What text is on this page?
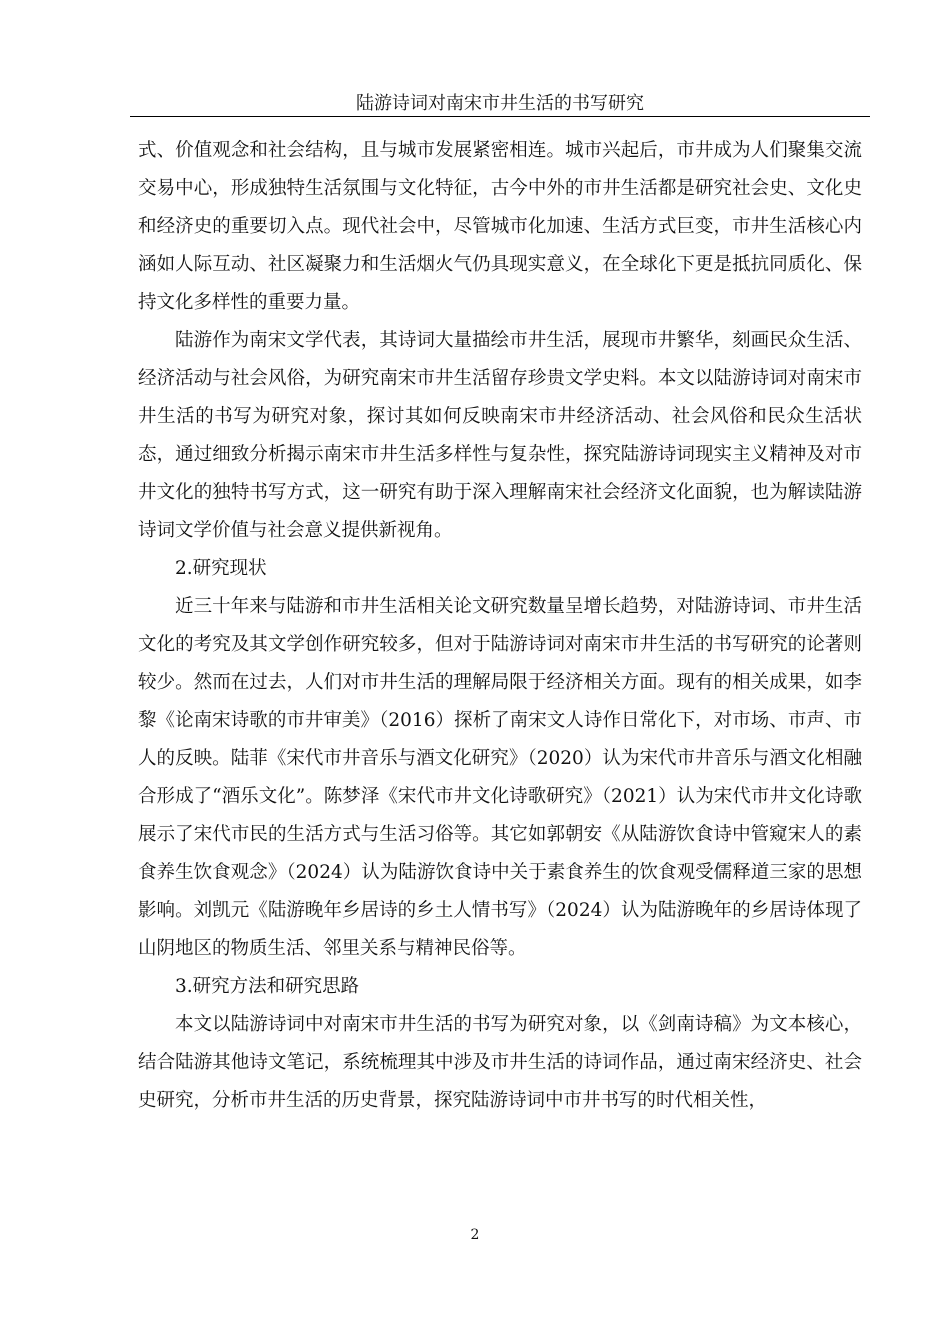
陆游诗词对南宋市井生活的书写研究

式、价值观念和社会结构，且与城市发展紧密相连。城市兴起后，市井成为人们聚集交流交易中心，形成独特生活氛围与文化特征，古今中外的市井生活都是研究社会史、文化史和经济史的重要切入点。现代社会中，尽管城市化加速、生活方式巨变，市井生活核心内涵如人际互动、社区凝聚力和生活烟火气仍具现实意义，在全球化下更是抵抗同质化、保持文化多样性的重要力量。

陆游作为南宋文学代表，其诗词大量描绘市井生活，展现市井繁华，刻画民众生活、经济活动与社会风俗，为研究南宋市井生活留存珍贵文学史料。本文以陆游诗词对南宋市井生活的书写为研究对象，探讨其如何反映南宋市井经济活动、社会风俗和民众生活状态，通过细致分析揭示南宋市井生活多样性与复杂性，探究陆游诗词现实主义精神及对市井文化的独特书写方式，这一研究有助于深入理解南宋社会经济文化面貌，也为解读陆游诗词文学价值与社会意义提供新视角。

2.研究现状

近三十年来与陆游和市井生活相关论文研究数量呈增长趋势，对陆游诗词、市井生活文化的考究及其文学创作研究较多，但对于陆游诗词对南宋市井生活的书写研究的论著则较少。然而在过去，人们对市井生活的理解局限于经济相关方面。现有的相关成果，如李黎《论南宋诗歌的市井审美》（2016）探析了南宋文人诗作日常化下，对市场、市声、市人的反映。陆菲《宋代市井音乐与酒文化研究》（2020）认为宋代市井音乐与酒文化相融合形成了“酒乐文化”。陈梦泽《宋代市井文化诗歌研究》（2021）认为宋代市井文化诗歌展示了宋代市民的生活方式与生活习俗等。其它如郭朝安《从陆游饮食诗中管窥宋人的素食养生饮食观念》（2024）认为陆游饮食诗中关于素食养生的饮食观受儒释道三家的思想影响。刘凯元《陆游晚年乡居诗的乡土人情书写》（2024）认为陆游晚年的乡居诗体现了山阴地区的物质生活、邻里关系与精神民俗等。

3.研究方法和研究思路

本文以陆游诗词中对南宋市井生活的书写为研究对象，以《剑南诗稿》为文本核心，结合陆游其他诗文笔记，系统梳理其中涉及市井生活的诗词作品，通过南宋经济史、社会史研究，分析市井生活的历史背景，探究陆游诗词中市井书写的时代相关性，

2
